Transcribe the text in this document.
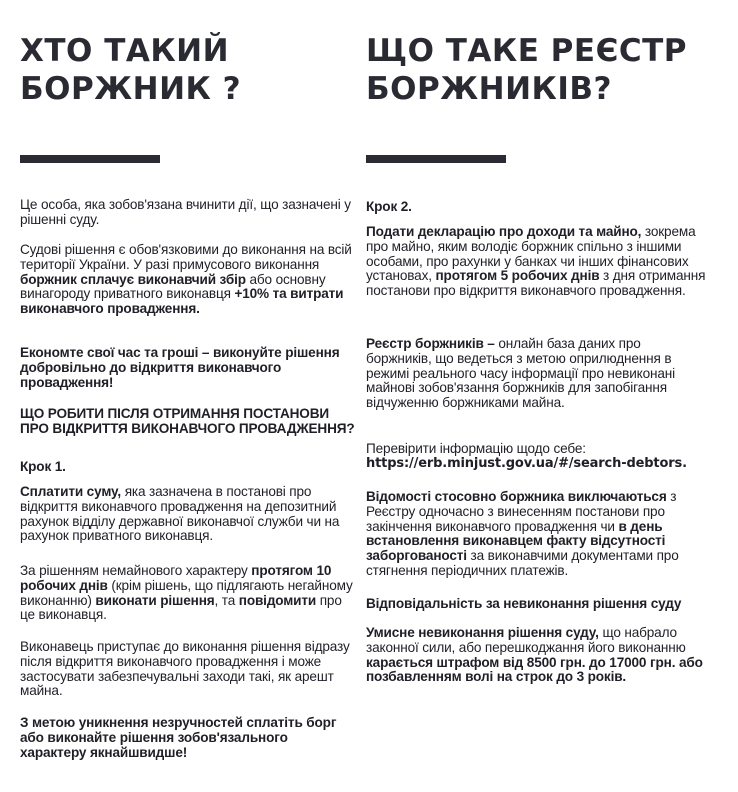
ХТО ТАКИЙ
БОРЖНИК ?

Це особа, яка зобов'язана вчинити дії, що зазначені у рішенні суду.

Судові рішення є обов'язковими до виконання на всій території України. У разі примусового виконання боржник сплачує виконавчий збір або основну винагороду приватного виконавця +10% та витрати виконавчого провадження.

Економте свої час та гроші – виконуйте рішення добровільно до відкриття виконавчого провадження!

ЩО РОБИТИ ПІСЛЯ ОТРИМАННЯ ПОСТАНОВИ ПРО ВІДКРИТТЯ ВИКОНАВЧОГО ПРОВАДЖЕННЯ?

Крок 1.

Сплатити суму, яка зазначена в постанові про відкриття виконавчого провадження на депозитний рахунок відділу державної виконавчої служби чи на рахунок приватного виконавця.

За рішенням немайнового характеру протягом 10 робочих днів (крім рішень, що підлягають негайному виконанню) виконати рішення, та повідомити про це виконавця.

Виконавець приступає до виконання рішення відразу після відкриття виконавчого провадження і може застосувати забезпечувальні заходи такі, як арешт майна.

З метою уникнення незручностей сплатіть борг або виконайте рішення зобов'язального характеру якнайшвидше!

ЩО ТАКЕ РЕЄСТР
БОРЖНИКІВ?

Крок 2.

Подати декларацію про доходи та майно, зокрема про майно, яким володіє боржник спільно з іншими особами, про рахунки у банках чи інших фінансових установах, протягом 5 робочих днів з дня отримання постанови про відкриття виконавчого провадження.

Реєстр боржників – онлайн база даних про боржників, що ведеться з метою оприлюднення в режимі реального часу інформації про невиконані майнові зобов'язання боржників для запобігання відчуженню боржниками майна.

Перевірити інформацію щодо себе:

https://erb.minjust.gov.ua/#/search-debtors.

Відомості стосовно боржника виключаються з Реєстру одночасно з винесенням постанови про закінчення виконавчого провадження чи в день встановлення виконавцем факту відсутності заборгованості за виконавчими документами про стягнення періодичних платежів.

Відповідальність за невиконання рішення суду

Умисне невиконання рішення суду, що набрало законної сили, або перешкоджання його виконанню карається штрафом від 8500 грн. до 17000 грн. або позбавленням волі на строк до 3 років.
